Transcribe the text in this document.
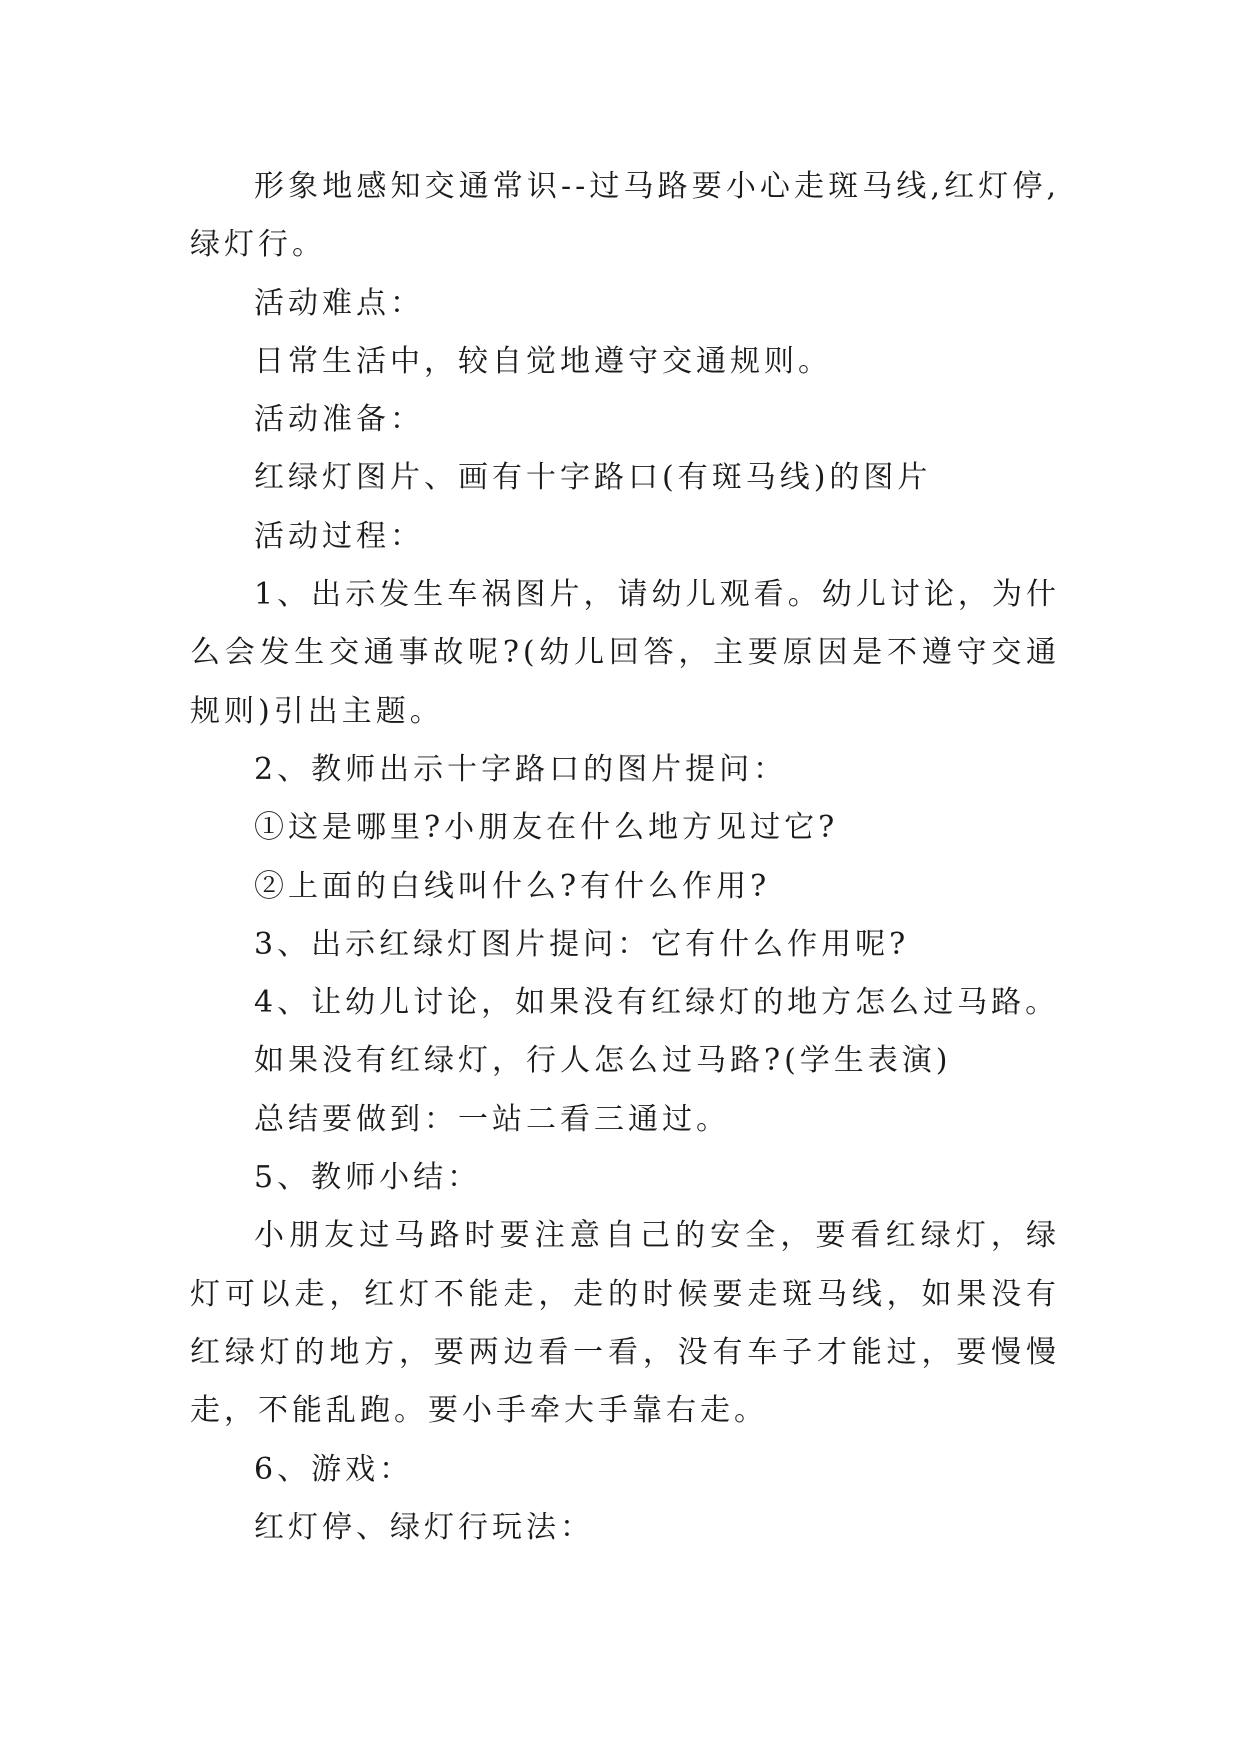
形象地感知交通常识--过马路要小心走斑马线,红灯停,绿灯行。

活动难点：

日常生活中，较自觉地遵守交通规则。

活动准备：

红绿灯图片、画有十字路口(有斑马线)的图片

活动过程：

1、出示发生车祸图片，请幼儿观看。幼儿讨论，为什么会发生交通事故呢?(幼儿回答，主要原因是不遵守交通规则)引出主题。

2、教师出示十字路口的图片提问：

①这是哪里?小朋友在什么地方见过它?

②上面的白线叫什么?有什么作用?

3、出示红绿灯图片提问：它有什么作用呢?

4、让幼儿讨论，如果没有红绿灯的地方怎么过马路。

如果没有红绿灯，行人怎么过马路?(学生表演)

总结要做到：一站二看三通过。

5、教师小结：

小朋友过马路时要注意自己的安全，要看红绿灯，绿灯可以走，红灯不能走，走的时候要走斑马线，如果没有红绿灯的地方，要两边看一看，没有车子才能过，要慢慢走，不能乱跑。要小手牵大手靠右走。

6、游戏：

红灯停、绿灯行玩法：
